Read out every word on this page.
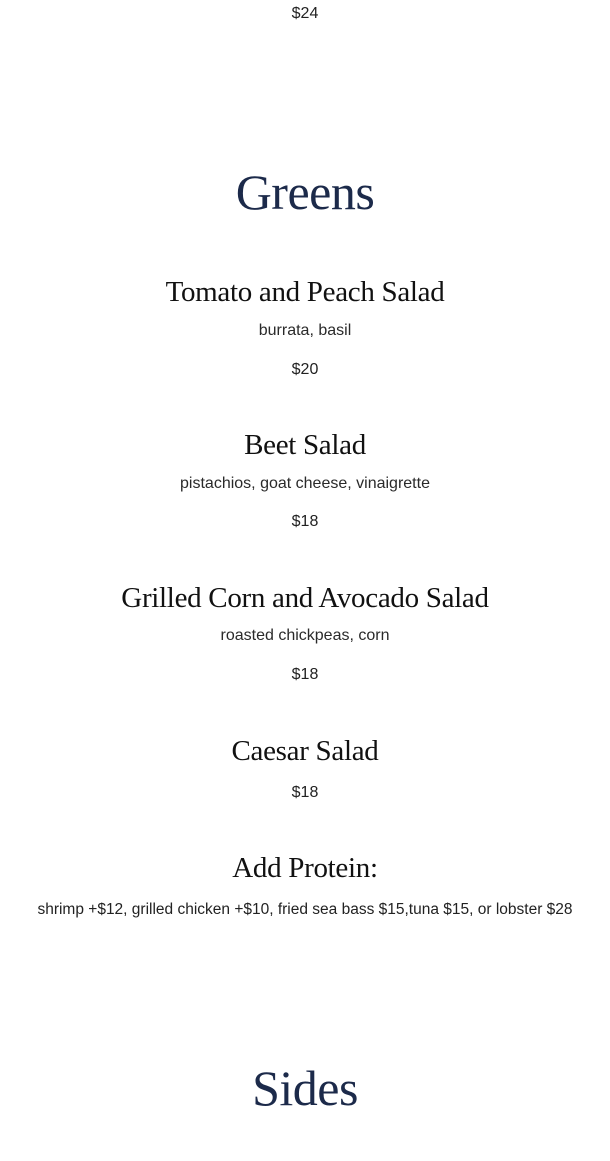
$24
Greens
Tomato and Peach Salad
burrata, basil
$20
Beet Salad
pistachios, goat cheese, vinaigrette
$18
Grilled Corn and Avocado Salad
roasted chickpeas, corn
$18
Caesar Salad
$18
Add Protein:
shrimp +$12, grilled chicken +$10, fried sea bass $15,tuna $15, or lobster $28
Sides
